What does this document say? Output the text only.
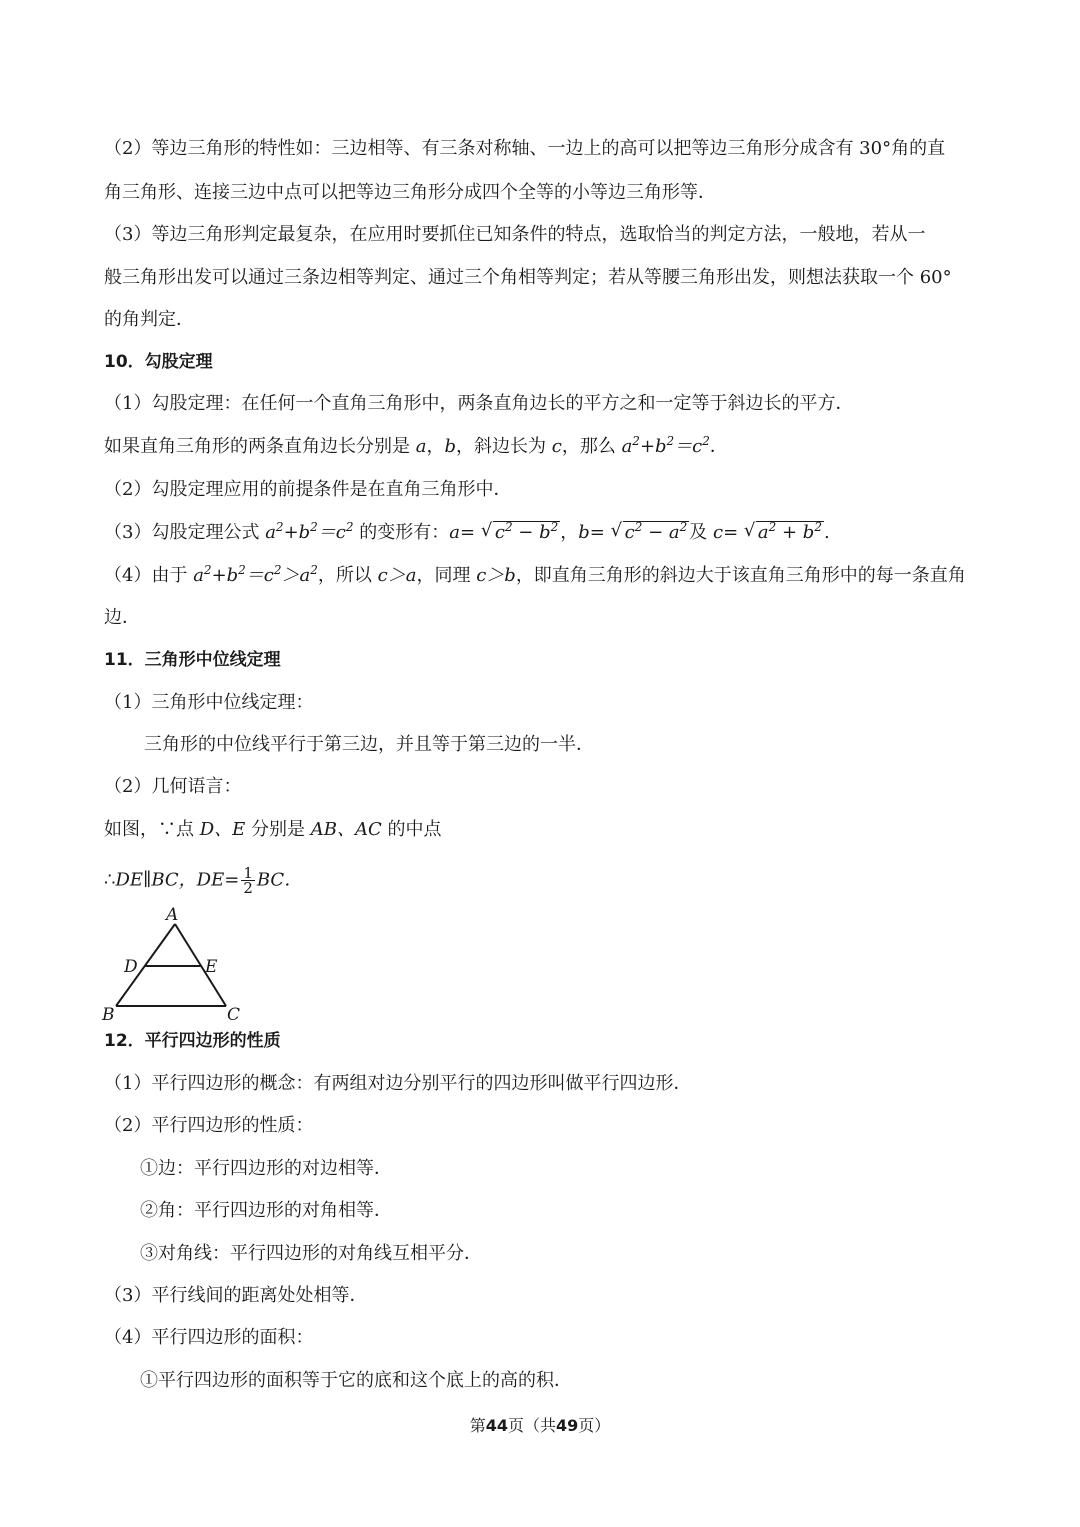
（2）等边三角形的特性如：三边相等、有三条对称轴、一边上的高可以把等边三角形分成含有 30°角的直
角三角形、连接三边中点可以把等边三角形分成四个全等的小等边三角形等．
（3）等边三角形判定最复杂，在应用时要抓住已知条件的特点，选取恰当的判定方法，一般地，若从一
般三角形出发可以通过三条边相等判定、通过三个角相等判定；若从等腰三角形出发，则想法获取一个 60°
的角判定．
10．勾股定理
（1）勾股定理：在任何一个直角三角形中，两条直角边长的平方之和一定等于斜边长的平方．
如果直角三角形的两条直角边长分别是 a，b，斜边长为 c，那么 $a^2+b^2=c^2$．
（2）勾股定理应用的前提条件是在直角三角形中．
（3）勾股定理公式 $a^2+b^2=c^2$ 的变形有：a= √ $c^2 - b^2$ ，b= √ $c^2 - a^2$ 及 c= √ $a^2 + b^2$ .
（4）由于 $a^2+b^2=c^2>a^2$，所以 c＞a，同理 c＞b，即直角三角形的斜边大于该直角三角形中的每一条直角
边．
11．三角形中位线定理
（1）三角形中位线定理：
三角形的中位线平行于第三边，并且等于第三边的一半．
（2）几何语言：
如图，∵点 D、E 分别是 AB、AC 的中点
∴DE∥BC，$DE= \frac{1}{2}$ BC．
A
D	E
B	C
12．平行四边形的性质
（1）平行四边形的概念：有两组对边分别平行的四边形叫做平行四边形．
（2）平行四边形的性质：
①边：平行四边形的对边相等．
②角：平行四边形的对角相等．
③对角线：平行四边形的对角线互相平分．
（3）平行线间的距离处处相等．
（4）平行四边形的面积：
①平行四边形的面积等于它的底和这个底上的高的积．
第44页（共49页）
